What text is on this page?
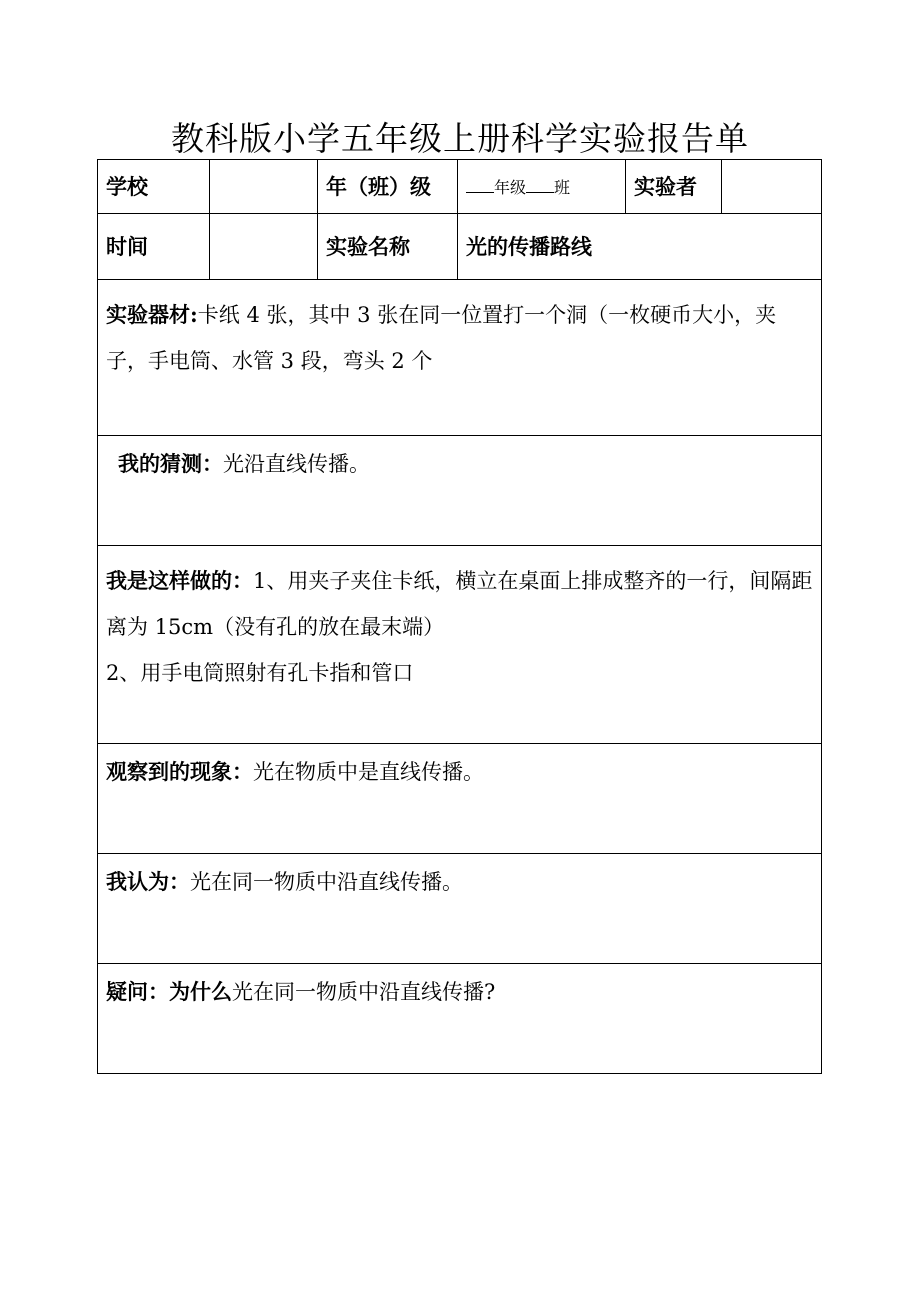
教科版小学五年级上册科学实验报告单
学校		年（班）级	年级 班	实验者	
时间		实验名称	光的传播路线		
实验器材:卡纸 4 张，其中 3 张在同一位置打一个洞（一枚硬币大小，夹子，手电筒、水管 3 段，弯头 2 个					
我的猜测：光沿直线传播。					
我是这样做的：1、用夹子夹住卡纸，横立在桌面上排成整齐的一行，间隔距离为 15cm（没有孔的放在最末端）
2、用手电筒照射有孔卡指和管口					
观察到的现象：光在物质中是直线传播。					
我认为：光在同一物质中沿直线传播。					
疑问：为什么光在同一物质中沿直线传播?					
